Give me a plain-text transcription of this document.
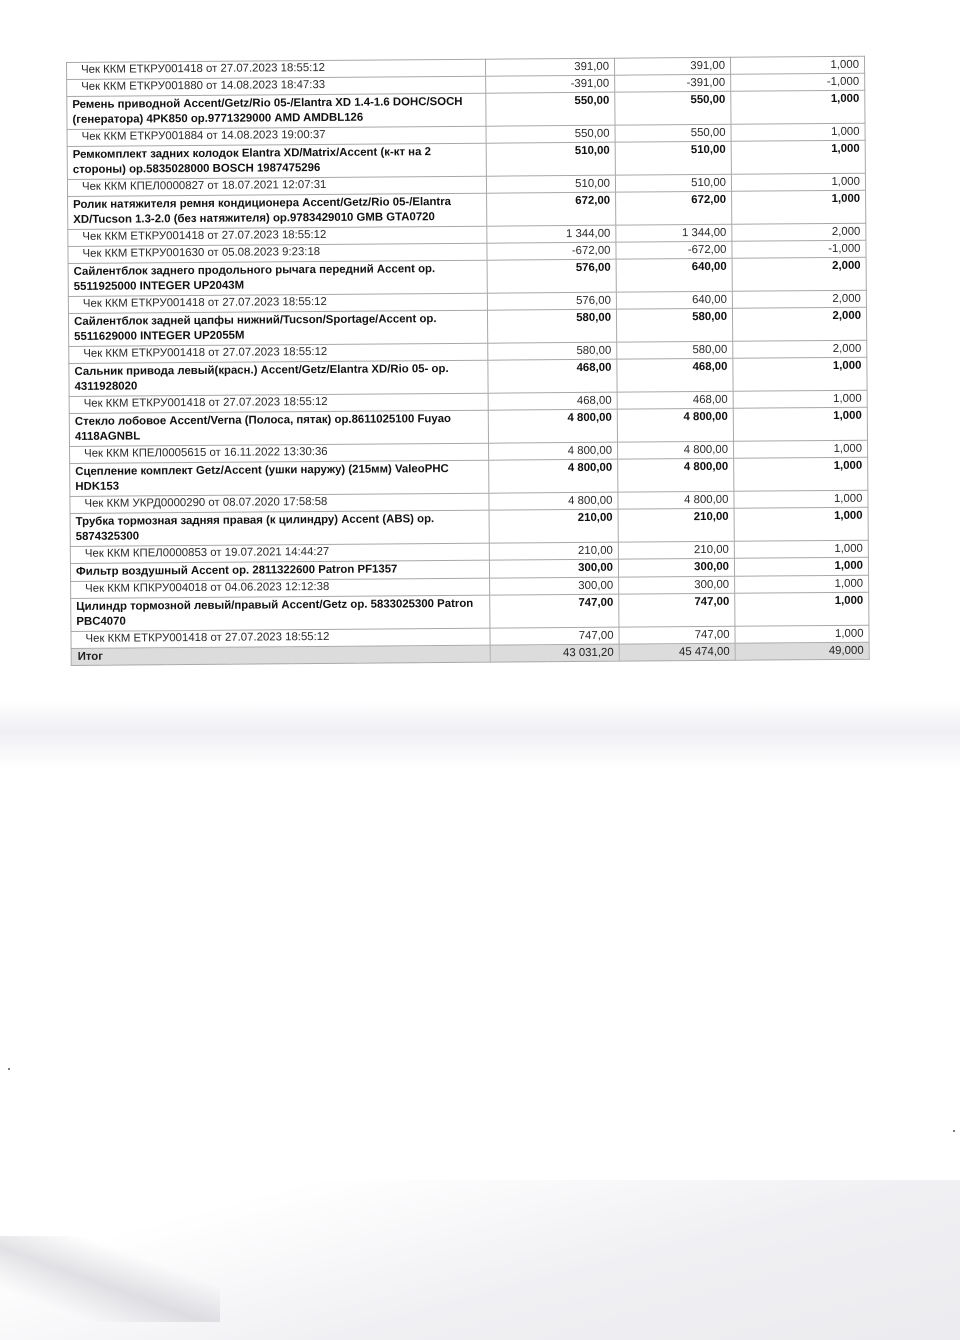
Чек ККМ ЕТКРУ001418 от 27.07.2023 18:55:12	391,00	391,00	1,000
Чек ККМ ЕТКРУ001880 от 14.08.2023 18:47:33	-391,00	-391,00	-1,000
Ремень приводной Accent/Getz/Rio 05-/Elantra XD 1.4-1.6 DOHC/SOCH (генератора) 4PK850 ор.9771329000 AMD AMDBL126	550,00	550,00	1,000
Чек ККМ ЕТКРУ001884 от 14.08.2023 19:00:37	550,00	550,00	1,000
Ремкомплект задних колодок Elantra XD/Matrix/Accent (к-кт на 2 стороны) ор.5835028000 BOSCH 1987475296	510,00	510,00	1,000
Чек ККМ КПЕЛ0000827 от 18.07.2021 12:07:31	510,00	510,00	1,000
Ролик натяжителя ремня кондиционера Accent/Getz/Rio 05-/Elantra XD/Tucson 1.3-2.0 (без натяжителя) ор.9783429010 GMB GTA0720	672,00	672,00	1,000
Чек ККМ ЕТКРУ001418 от 27.07.2023 18:55:12	1 344,00	1 344,00	2,000
Чек ККМ ЕТКРУ001630 от 05.08.2023 9:23:18	-672,00	-672,00	-1,000
Сайлентблок заднего продольного рычага передний Accent ор. 5511925000 INTEGER UP2043M	576,00	640,00	2,000
Чек ККМ ЕТКРУ001418 от 27.07.2023 18:55:12	576,00	640,00	2,000
Сайлентблок задней цапфы нижний/Tucson/Sportage/Accent ор. 5511629000 INTEGER UP2055M	580,00	580,00	2,000
Чек ККМ ЕТКРУ001418 от 27.07.2023 18:55:12	580,00	580,00	2,000
Сальник привода левый(красн.) Accent/Getz/Elantra XD/Rio 05- ор. 4311928020	468,00	468,00	1,000
Чек ККМ ЕТКРУ001418 от 27.07.2023 18:55:12	468,00	468,00	1,000
Стекло лобовое Accent/Verna (Полоса, пятак) ор.8611025100 Fuyao 4118AGNBL	4 800,00	4 800,00	1,000
Чек ККМ КПЕЛ0005615 от 16.11.2022 13:30:36	4 800,00	4 800,00	1,000
Сцепление комплект Getz/Accent (ушки наружу) (215мм) ValeoPHC HDK153	4 800,00	4 800,00	1,000
Чек ККМ УКРД0000290 от 08.07.2020 17:58:58	4 800,00	4 800,00	1,000
Трубка тормозная задняя правая (к цилиндру) Accent (ABS) ор. 5874325300	210,00	210,00	1,000
Чек ККМ КПЕЛ0000853 от 19.07.2021 14:44:27	210,00	210,00	1,000
Фильтр воздушный Accent ор. 2811322600 Patron PF1357	300,00	300,00	1,000
Чек ККМ КПКРУ004018 от 04.06.2023 12:12:38	300,00	300,00	1,000
Цилиндр тормозной левый/правый Accent/Getz ор. 5833025300 Patron PBC4070	747,00	747,00	1,000
Чек ККМ ЕТКРУ001418 от 27.07.2023 18:55:12	747,00	747,00	1,000
Итог	43 031,20	45 474,00	49,000
